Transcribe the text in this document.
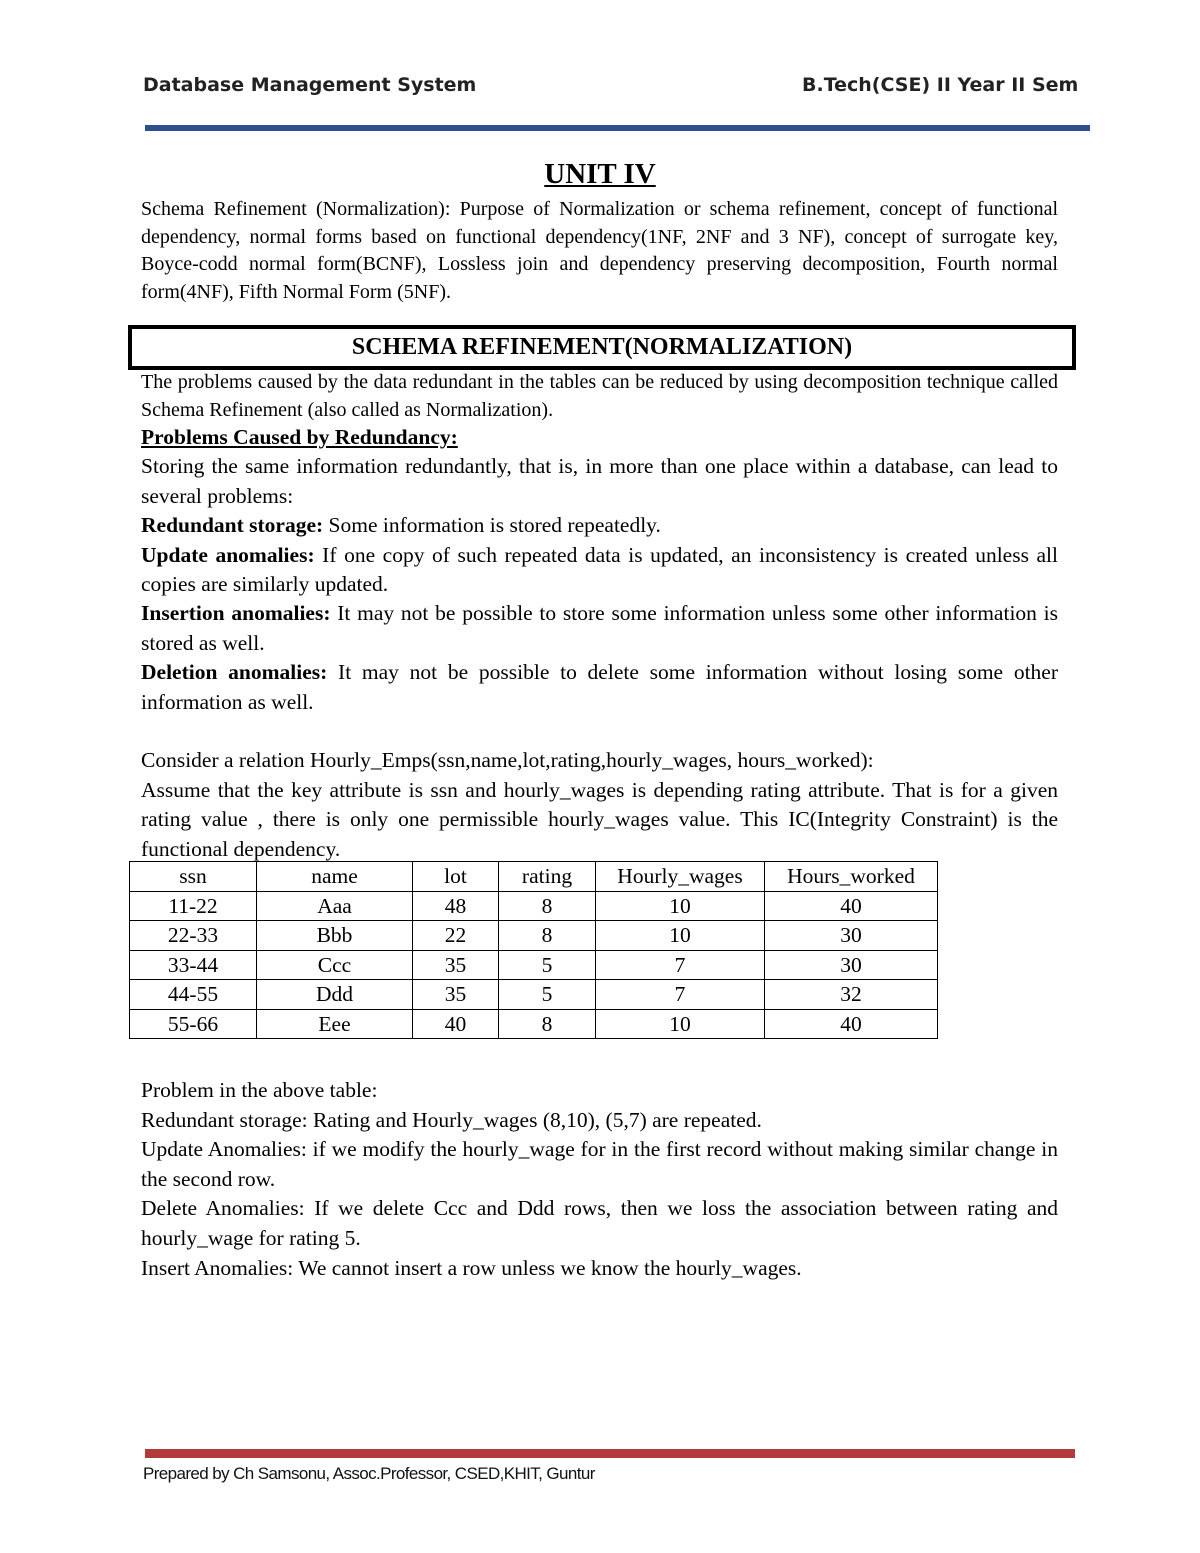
Database Management System	B.Tech(CSE) II Year II Sem
UNIT IV
Schema Refinement (Normalization): Purpose of Normalization or schema refinement, concept of functional dependency, normal forms based on functional dependency(1NF, 2NF and 3 NF), concept of surrogate key, Boyce-codd normal form(BCNF), Lossless join and dependency preserving decomposition, Fourth normal form(4NF), Fifth Normal Form (5NF).
SCHEMA REFINEMENT(NORMALIZATION)
The problems caused by the data redundant in the tables can be reduced by using decomposition technique called Schema Refinement (also called as Normalization).

Problems Caused by Redundancy:

Storing the same information redundantly, that is, in more than one place within a database, can lead to several problems:

Redundant storage: Some information is stored repeatedly.

Update anomalies: If one copy of such repeated data is updated, an inconsistency is created unless all copies are similarly updated.

Insertion anomalies: It may not be possible to store some information unless some other information is stored as well.

Deletion anomalies: It may not be possible to delete some information without losing some other information as well.

Consider a relation Hourly_Emps(ssn,name,lot,rating,hourly_wages, hours_worked):

Assume that the key attribute is ssn and hourly_wages is depending rating attribute. That is for a given rating value , there is only one permissible hourly_wages value. This IC(Integrity Constraint) is the functional dependency.

ssn	name	lot	rating	Hourly_wages	Hours_worked
11-22	Aaa	48	8	10	40
22-33	Bbb	22	8	10	30
33-44	Ccc	35	5	7	30
44-55	Ddd	35	5	7	32
55-66	Eee	40	8	10	40

Problem in the above table:

Redundant storage: Rating and Hourly_wages (8,10), (5,7) are repeated.

Update Anomalies: if we modify the hourly_wage for in the first record without making similar change in the second row.

Delete Anomalies: If we delete Ccc and Ddd rows, then we loss the association between rating and hourly_wage for rating 5.

Insert Anomalies: We cannot insert a row unless we know the hourly_wages.

Prepared by Ch Samsonu, Assoc.Professor, CSED,KHIT, Guntur
